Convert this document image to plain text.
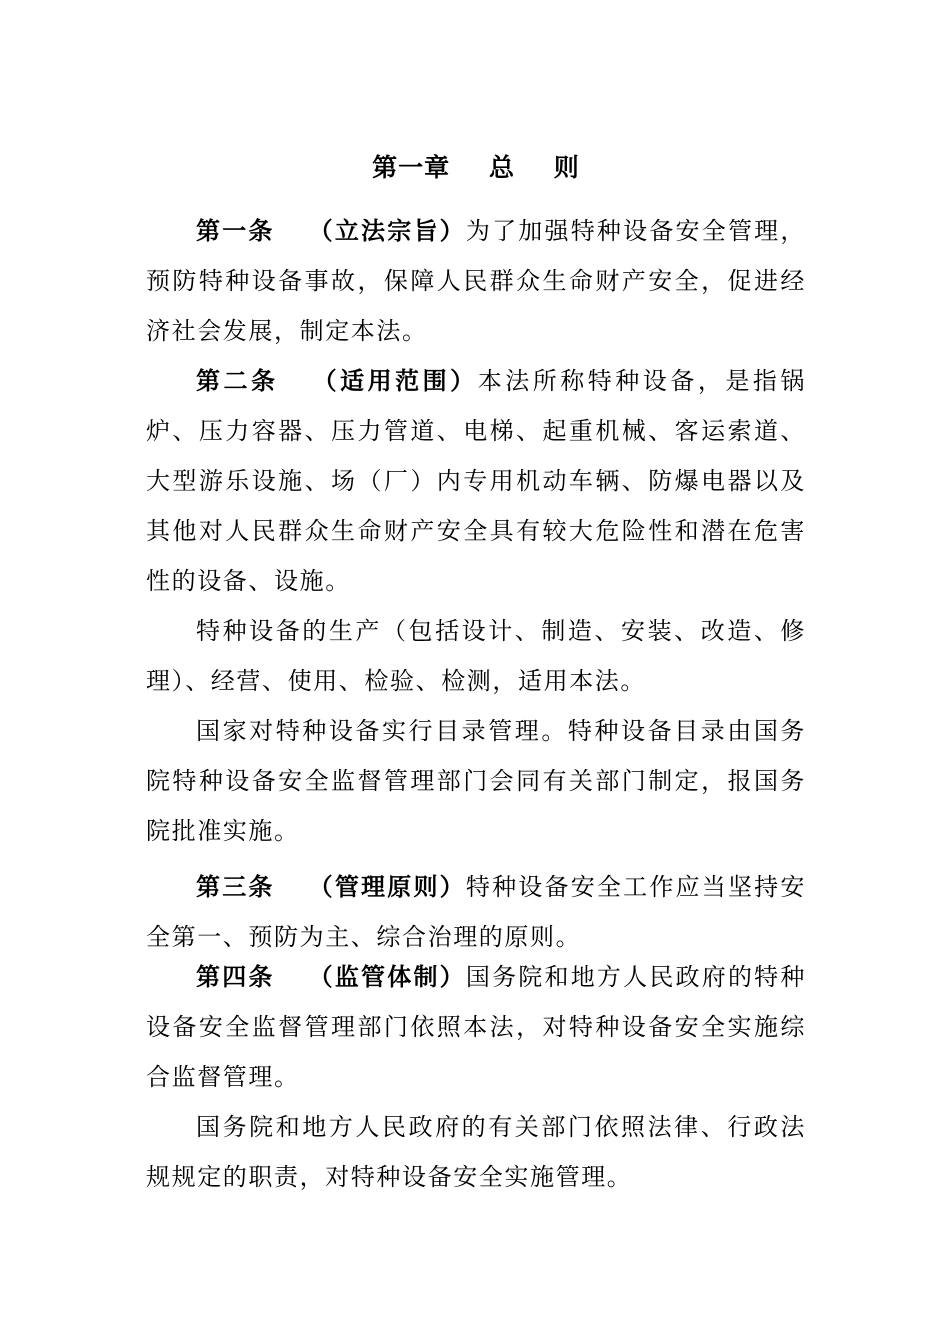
第一章    总    则

第一条 （立法宗旨）为了加强特种设备安全管理，预防特种设备事故，保障人民群众生命财产安全，促进经济社会发展，制定本法。

第二条 （适用范围）本法所称特种设备，是指锅炉、压力容器、压力管道、电梯、起重机械、客运索道、大型游乐设施、场（厂）内专用机动车辆、防爆电器以及其他对人民群众生命财产安全具有较大危险性和潜在危害性的设备、设施。

特种设备的生产（包括设计、制造、安装、改造、修理）、经营、使用、检验、检测，适用本法。

国家对特种设备实行目录管理。特种设备目录由国务院特种设备安全监督管理部门会同有关部门制定，报国务院批准实施。

第三条 （管理原则）特种设备安全工作应当坚持安全第一、预防为主、综合治理的原则。

第四条 （监管体制）国务院和地方人民政府的特种设备安全监督管理部门依照本法，对特种设备安全实施综合监督管理。

国务院和地方人民政府的有关部门依照法律、行政法规规定的职责，对特种设备安全实施管理。
